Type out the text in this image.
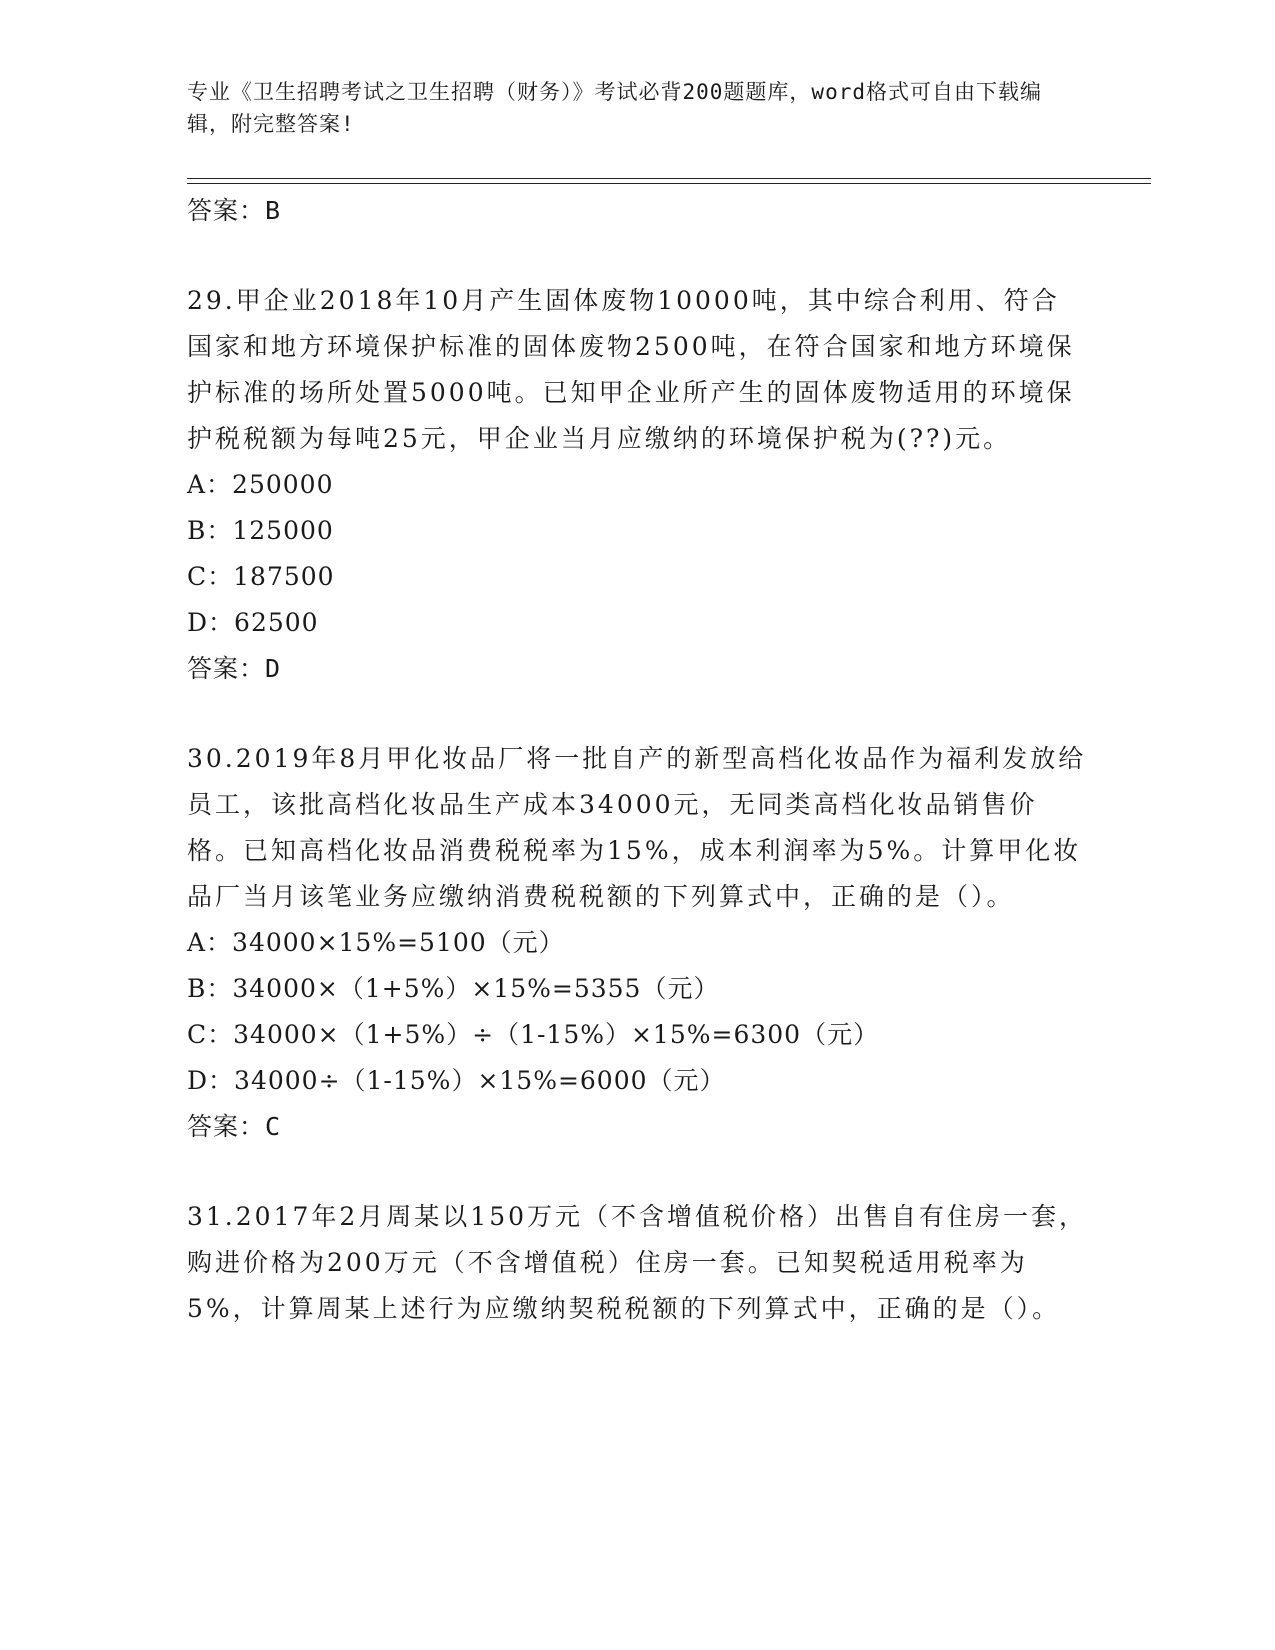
专业《卫生招聘考试之卫生招聘（财务）》考试必背200题题库，word格式可自由下载编辑，附完整答案!
答案：B
29.甲企业2018年10月产生固体废物10000吨，其中综合利用、符合国家和地方环境保护标准的固体废物2500吨，在符合国家和地方环境保护标准的场所处置5000吨。已知甲企业所产生的固体废物适用的环境保护税税额为每吨25元，甲企业当月应缴纳的环境保护税为(??)元。
A：250000
B：125000
C：187500
D：62500
答案：D
30.2019年8月甲化妆品厂将一批自产的新型高档化妆品作为福利发放给员工，该批高档化妆品生产成本34000元，无同类高档化妆品销售价格。已知高档化妆品消费税税率为15%，成本利润率为5%。计算甲化妆品厂当月该笔业务应缴纳消费税税额的下列算式中，正确的是（）。
A：34000×15%=5100（元）
B：34000×（1+5%）×15%=5355（元）
C：34000×（1+5%）÷（1-15%）×15%=6300（元）
D：34000÷（1-15%）×15%=6000（元）
答案：C
31.2017年2月周某以150万元（不含增值税价格）出售自有住房一套，购进价格为200万元（不含增值税）住房一套。已知契税适用税率为5%，计算周某上述行为应缴纳契税税额的下列算式中，正确的是（）。
